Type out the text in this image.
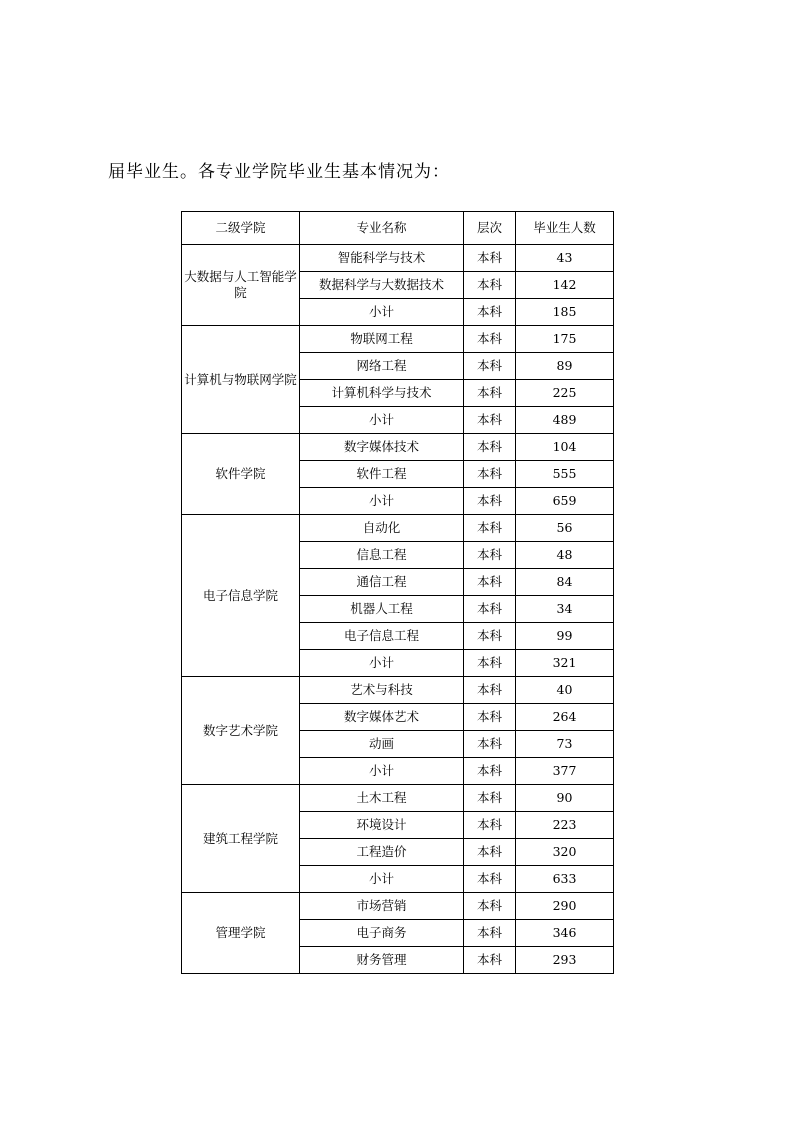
届毕业生。各专业学院毕业生基本情况为：

二级学院	专业名称	层次	毕业生人数
大数据与人工智能学院	智能科学与技术	本科	43
	数据科学与大数据技术	本科	142
	小计	本科	185
计算机与物联网学院	物联网工程	本科	175
	网络工程	本科	89
	计算机科学与技术	本科	225
	小计	本科	489
软件学院	数字媒体技术	本科	104
	软件工程	本科	555
	小计	本科	659
电子信息学院	自动化	本科	56
	信息工程	本科	48
	通信工程	本科	84
	机器人工程	本科	34
	电子信息工程	本科	99
	小计	本科	321
数字艺术学院	艺术与科技	本科	40
	数字媒体艺术	本科	264
	动画	本科	73
	小计	本科	377
建筑工程学院	土木工程	本科	90
	环境设计	本科	223
	工程造价	本科	320
	小计	本科	633
管理学院	市场营销	本科	290
	电子商务	本科	346
	财务管理	本科	293
